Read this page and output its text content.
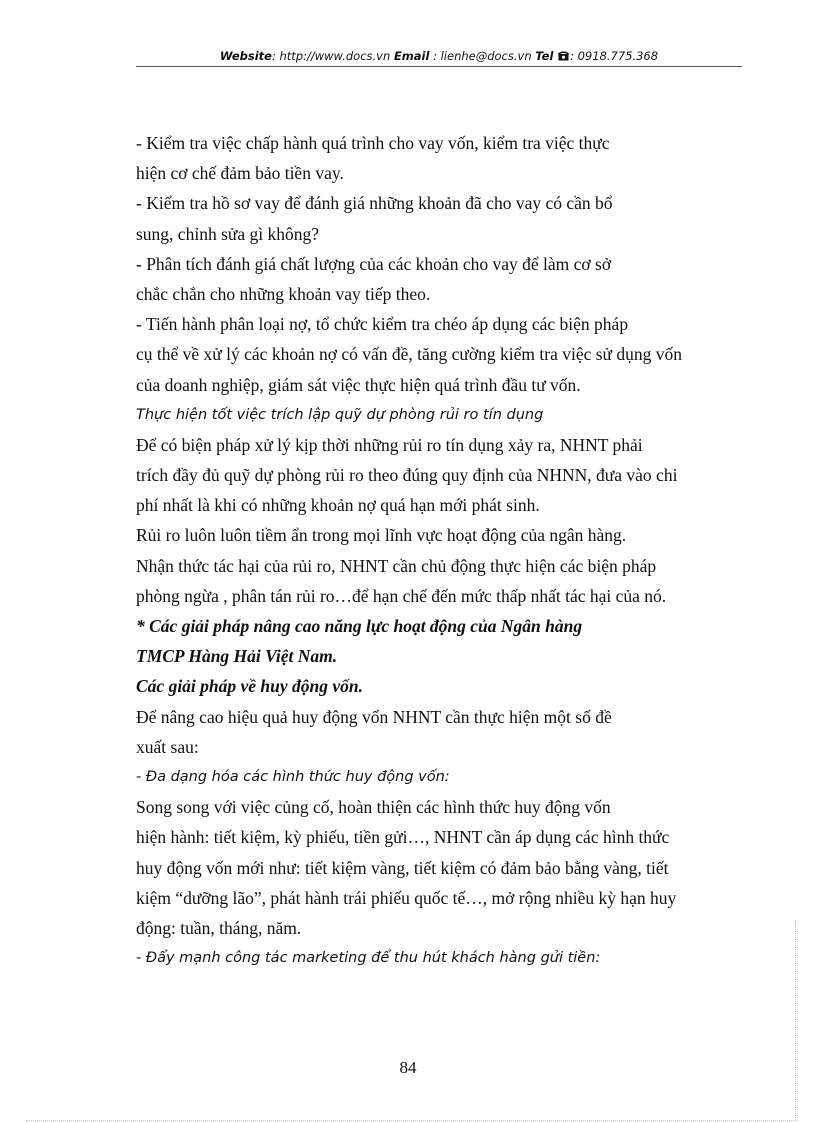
Website: http://www.docs.vn Email : lienhe@docs.vn Tel : 0918.775.368
- Kiểm tra việc chấp hành quá trình cho vay vốn, kiểm tra việc thực
hiện cơ chế đảm bảo tiền vay.
- Kiểm tra hồ sơ vay để đánh giá những khoản đã cho vay có cần bổ
sung, chỉnh sửa gì không?
- Phân tích đánh giá chất lượng của các khoản cho vay để làm cơ sở
chắc chắn cho những khoản vay tiếp theo.
- Tiến hành phân loại nợ, tổ chức kiểm tra chéo áp dụng các biện pháp
cụ thể về xử lý các khoản nợ có vấn đề, tăng cường kiểm tra việc sử dụng vốn
của doanh nghiệp, giám sát việc thực hiện quá trình đầu tư vốn.
Thực hiện tốt việc trích lập quỹ dự phòng rủi ro tín dụng
Để có biện pháp xử lý kịp thời những rủi ro tín dụng xảy ra, NHNT phải
trích đầy đủ quỹ dự phòng rủi ro theo đúng quy định của NHNN, đưa vào chi
phí nhất là khi có những khoản nợ quá hạn mới phát sinh.
Rủi ro luôn luôn tiềm ẩn trong mọi lĩnh vực hoạt động của ngân hàng.
Nhận thức tác hại của rủi ro, NHNT cần chủ động thực hiện các biện pháp
phòng ngừa , phân tán rủi ro…để hạn chế đến mức thấp nhất tác hại của nó.
* Các giải pháp nâng cao năng lực hoạt động của Ngân hàng
TMCP Hàng Hải Việt Nam.
Các giải pháp về huy động vốn.
Để nâng cao hiệu quả huy động vốn NHNT cần thực hiện một số đề
xuất sau:
- Đa dạng hóa các hình thức huy động vốn:
Song song với việc củng cố, hoàn thiện các hình thức huy động vốn
hiện hành: tiết kiệm, kỳ phiếu, tiền gửi…, NHNT cần áp dụng các hình thức
huy động vốn mới như: tiết kiệm vàng, tiết kiệm có đảm bảo bằng vàng, tiết
kiệm “dưỡng lão”, phát hành trái phiếu quốc tế…, mở rộng nhiều kỳ hạn huy
động: tuần, tháng, năm.
- Đẩy mạnh công tác marketing để thu hút khách hàng gửi tiền:
84
